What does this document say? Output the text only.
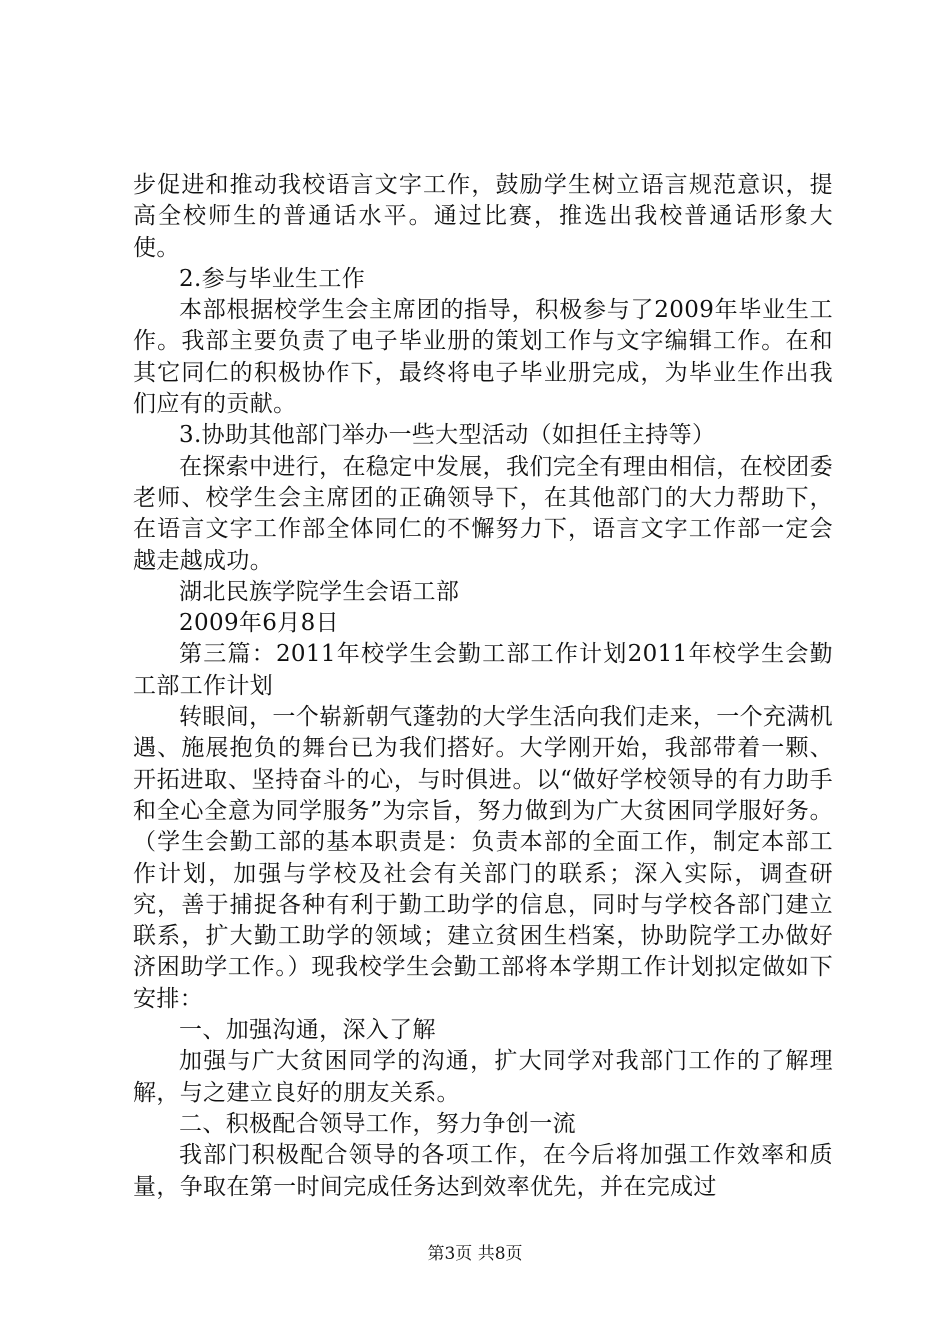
步促进和推动我校语言文字工作，鼓励学生树立语言规范意识，提高全校师生的普通话水平。通过比赛，推选出我校普通话形象大使。

2.参与毕业生工作

本部根据校学生会主席团的指导，积极参与了2009年毕业生工作。我部主要负责了电子毕业册的策划工作与文字编辑工作。在和其它同仁的积极协作下，最终将电子毕业册完成，为毕业生作出我们应有的贡献。

3.协助其他部门举办一些大型活动（如担任主持等）

在探索中进行，在稳定中发展，我们完全有理由相信，在校团委老师、校学生会主席团的正确领导下，在其他部门的大力帮助下，在语言文字工作部全体同仁的不懈努力下，语言文字工作部一定会越走越成功。

湖北民族学院学生会语工部

2009年6月8日

第三篇：2011年校学生会勤工部工作计划2011年校学生会勤工部工作计划

转眼间，一个崭新朝气蓬勃的大学生活向我们走来，一个充满机遇、施展抱负的舞台已为我们搭好。大学刚开始，我部带着一颗、开拓进取、坚持奋斗的心，与时俱进。以“做好学校领导的有力助手和全心全意为同学服务”为宗旨，努力做到为广大贫困同学服好务。（学生会勤工部的基本职责是：负责本部的全面工作，制定本部工作计划，加强与学校及社会有关部门的联系；深入实际，调查研究，善于捕捉各种有利于勤工助学的信息，同时与学校各部门建立联系，扩大勤工助学的领域；建立贫困生档案，协助院学工办做好济困助学工作。）现我校学生会勤工部将本学期工作计划拟定做如下安排：

一、加强沟通，深入了解

加强与广大贫困同学的沟通，扩大同学对我部门工作的了解理解，与之建立良好的朋友关系。

二、积极配合领导工作，努力争创一流

我部门积极配合领导的各项工作，在今后将加强工作效率和质量，争取在第一时间完成任务达到效率优先，并在完成过

第3页 共8页
